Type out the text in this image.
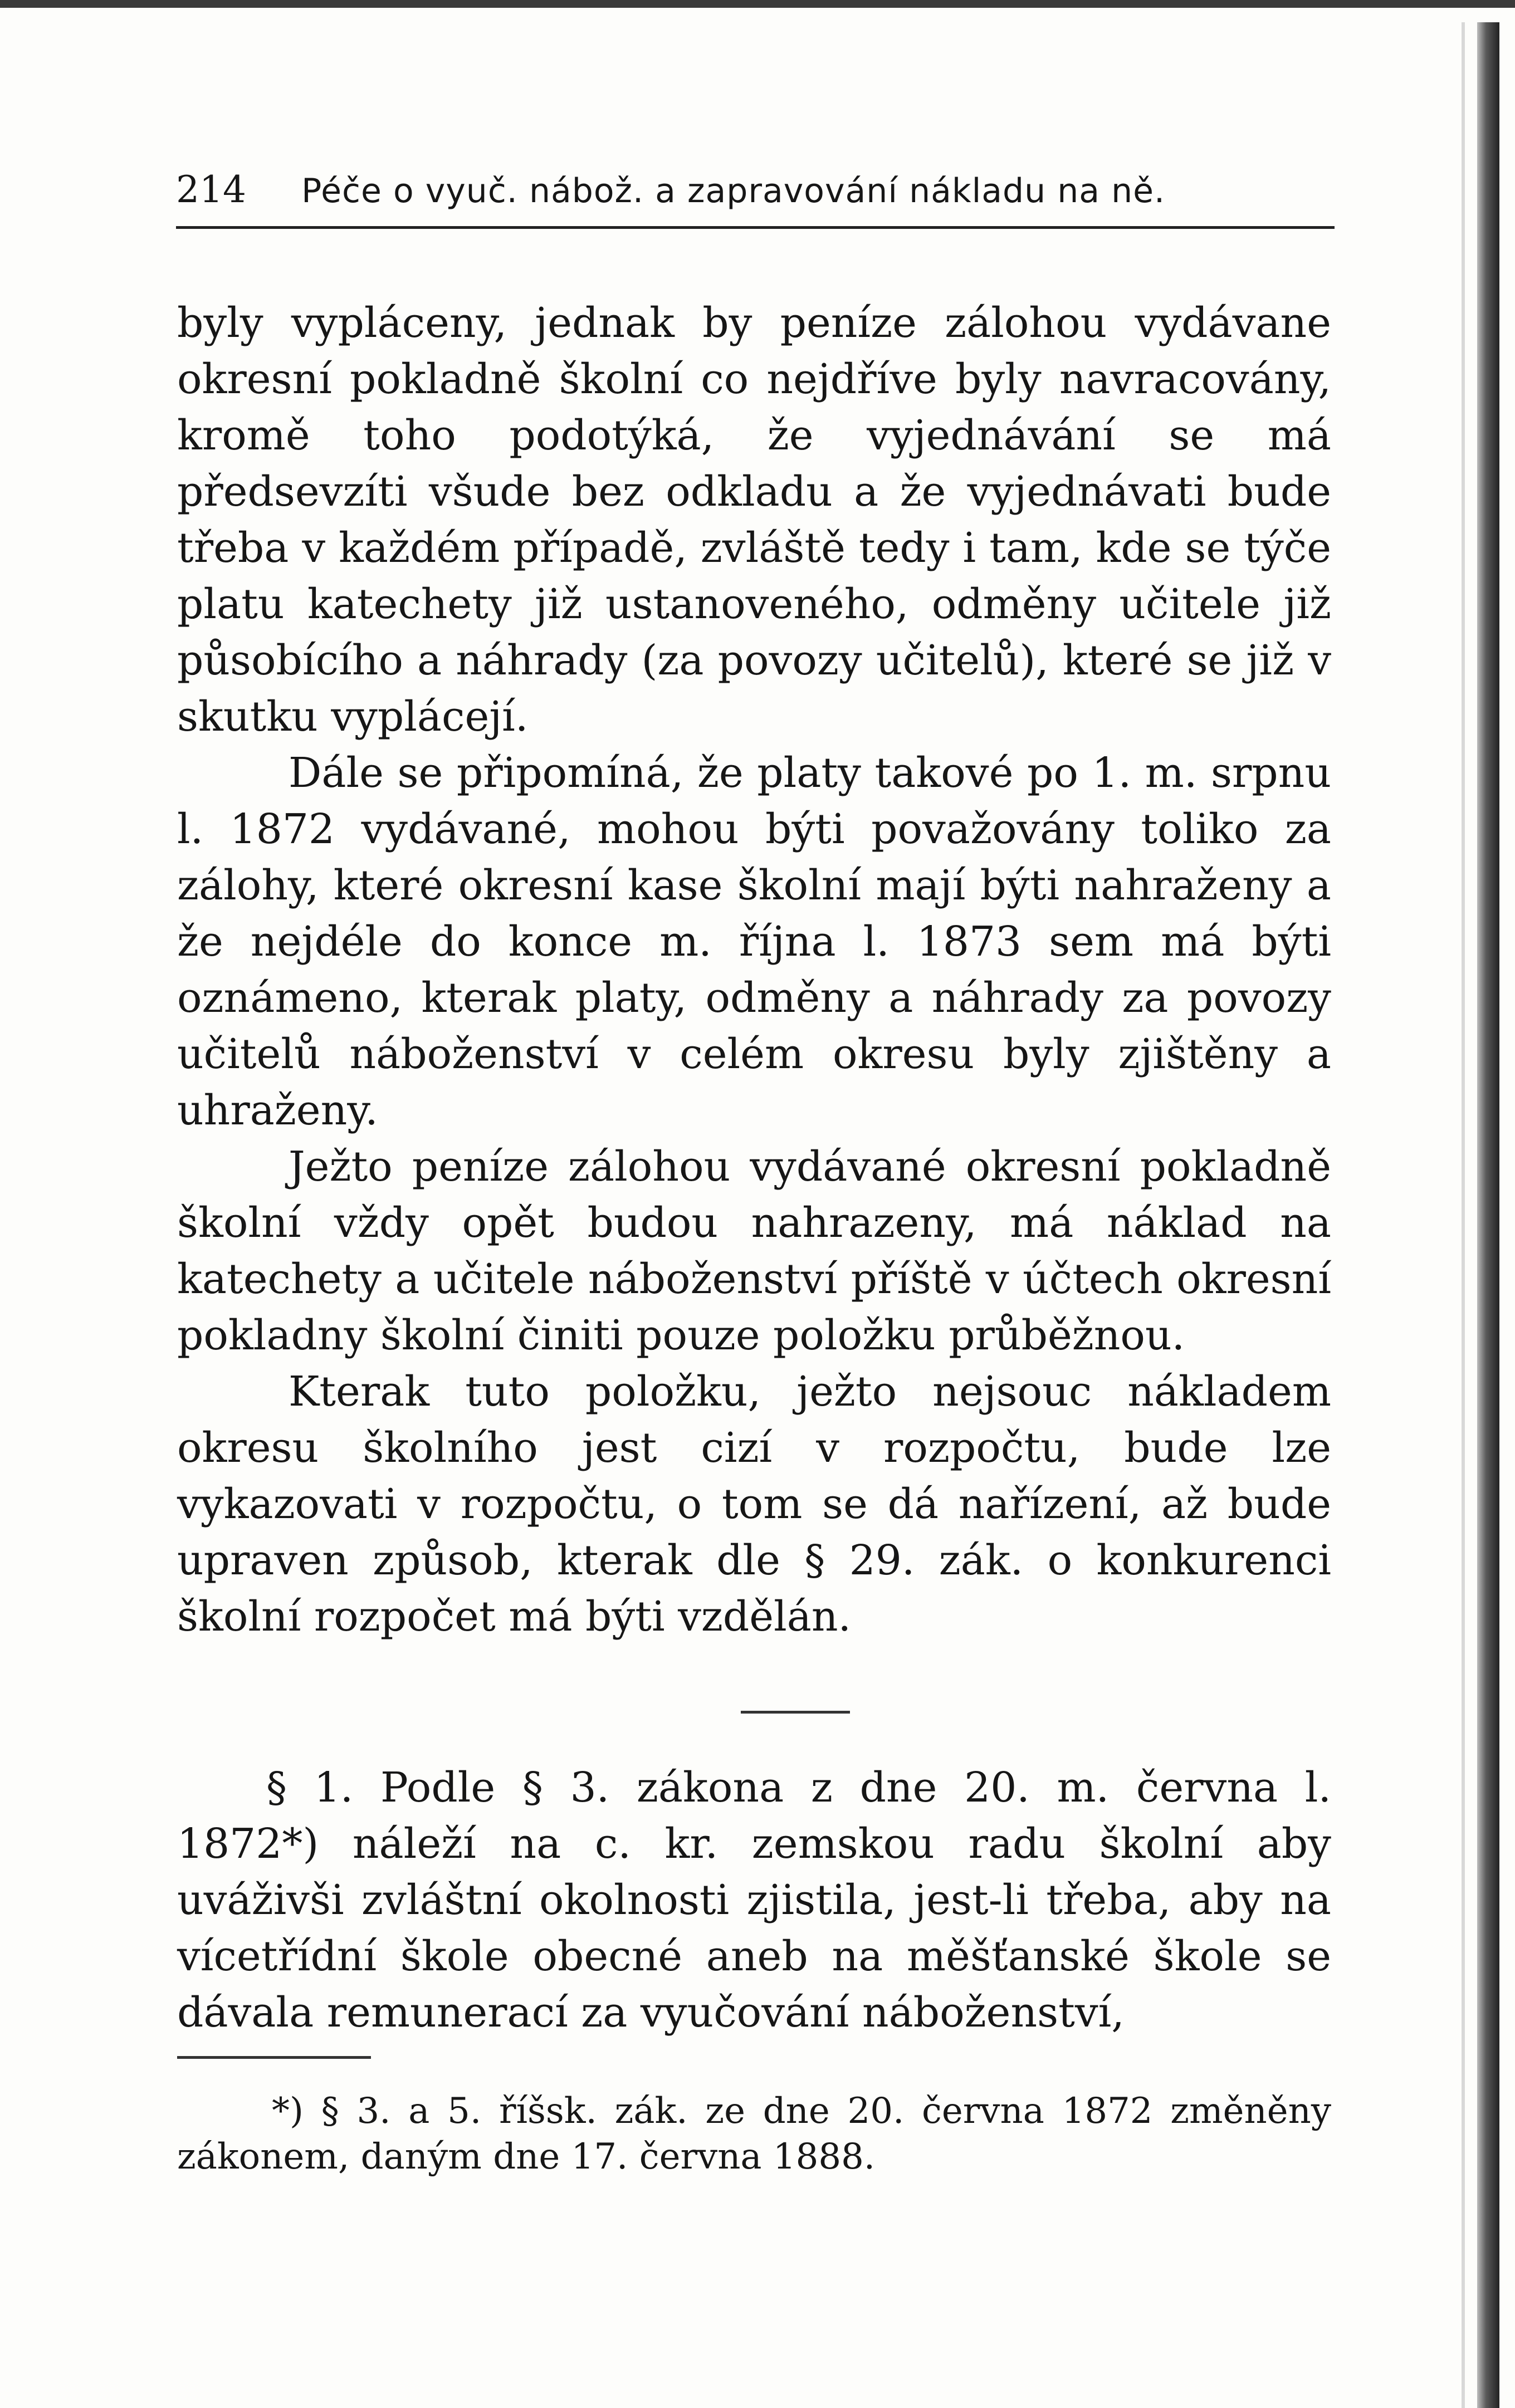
214 Péče o vyuč. nábož. a zapravování nákladu na ně.

byly vypláceny, jednak by peníze zálohou vydávane okresní pokladně školní co nejdříve byly navracovány, kromě toho podotýká, že vyjednávání se má předsevzíti všude bez odkladu a že vyjednávati bude třeba v každém případě, zvláště tedy i tam, kde se týče platu katechety již ustanoveného, odměny učitele již působícího a náhrady (za povozy učitelů), které se již v skutku vyplácejí.

Dále se připomíná, že platy takové po 1. m. srpnu l. 1872 vydávané, mohou býti považovány toliko za zálohy, které okresní kase školní mají býti nahraženy a že nejdéle do konce m. října l. 1873 sem má býti oznámeno, kterak platy, odměny a náhrady za povozy učitelů náboženství v celém okresu byly zjištěny a uhraženy.

Ježto peníze zálohou vydávané okresní pokladně školní vždy opět budou nahrazeny, má náklad na katechety a učitele náboženství příště v účtech okresní pokladny školní činiti pouze položku průběžnou.

Kterak tuto položku, ježto nejsouc nákladem okresu školního jest cizí v rozpočtu, bude lze vykazovati v rozpočtu, o tom se dá nařízení, až bude upraven způsob, kterak dle § 29. zák. o konkurenci školní rozpočet má býti vzdělán.

§ 1. Podle § 3. zákona z dne 20. m. června l. 1872*) náleží na c. kr. zemskou radu školní aby uváživši zvláštní okolnosti zjistila, jest-li třeba, aby na vícetřídní škole obecné aneb na měšťanské škole se dávala remunerací za vyučování náboženství,

*) § 3. a 5. říšsk. zák. ze dne 20. června 1872 změněny zákonem, daným dne 17. června 1888.
